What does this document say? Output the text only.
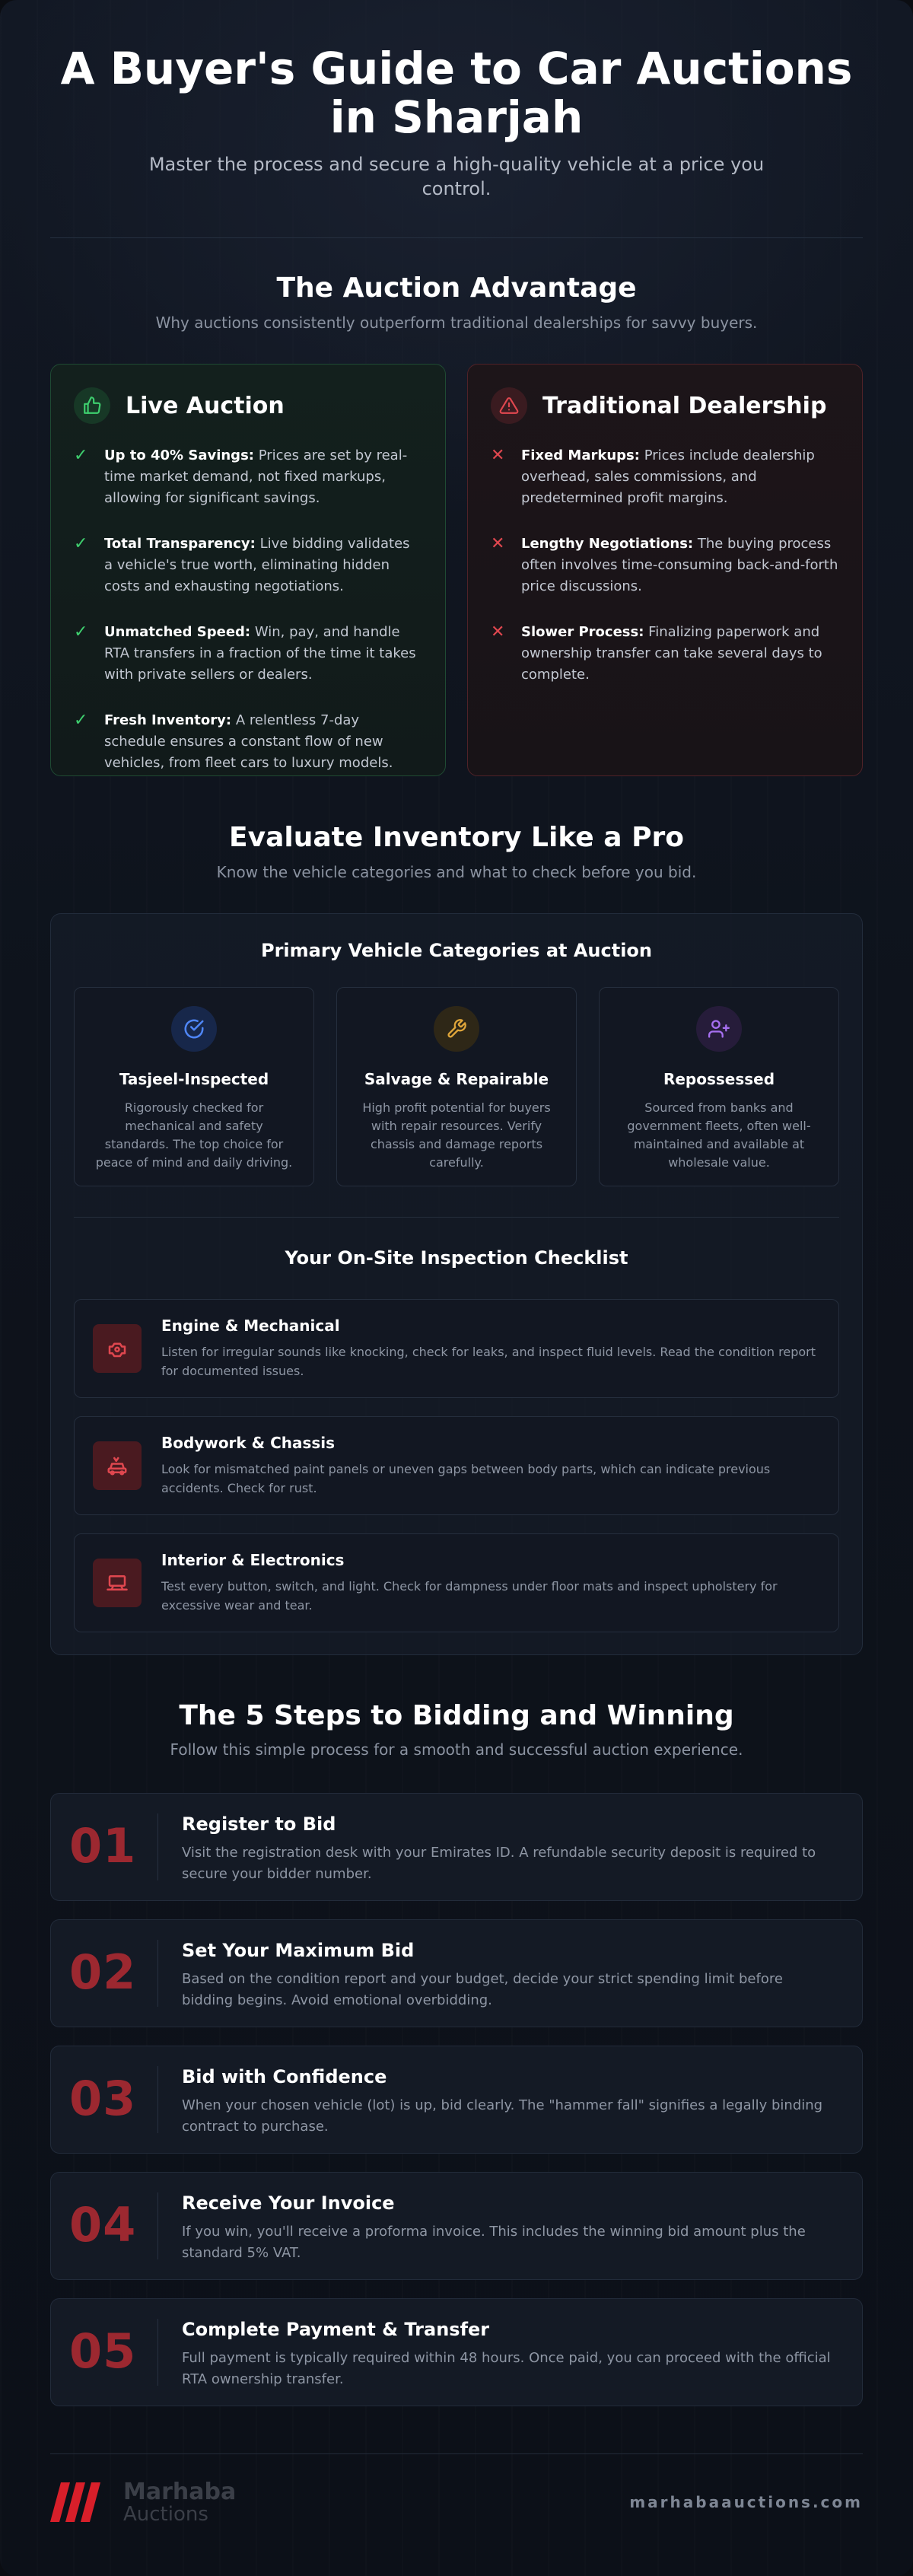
A Buyer's Guide to Car Auctions in Sharjah

Master the process and secure a high-quality vehicle at a price you control.

The Auction Advantage

Why auctions consistently outperform traditional dealerships for savvy buyers.

Live Auction
✓	Up to 40% Savings: Prices are set by real-time market demand, not fixed markups, allowing for significant savings.

✓	Total Transparency: Live bidding validates a vehicle's true worth, eliminating hidden costs and exhausting negotiations.

✓	Unmatched Speed: Win, pay, and handle RTA transfers in a fraction of the time it takes with private sellers or dealers.

✓	Fresh Inventory: A relentless 7-day schedule ensures a constant flow of new vehicles, from fleet cars to luxury models.

Traditional Dealership
✕	Fixed Markups: Prices include dealership overhead, sales commissions, and predetermined profit margins.

✕	Lengthy Negotiations: The buying process often involves time-consuming back-and-forth price discussions.

✕	Slower Process: Finalizing paperwork and ownership transfer can take several days to complete.

Evaluate Inventory Like a Pro

Know the vehicle categories and what to check before you bid.

Primary Vehicle Categories at Auction
Tasjeel-Inspected
Rigorously checked for mechanical and safety standards. The top choice for peace of mind and daily driving.
Salvage & Repairable
High profit potential for buyers with repair resources. Verify chassis and damage reports carefully.
Repossessed
Sourced from banks and government fleets, often well-maintained and available at wholesale value.
Your On-Site Inspection Checklist
Engine & Mechanical
Listen for irregular sounds like knocking, check for leaks, and inspect fluid levels. Read the condition report for documented issues.
Bodywork & Chassis
Look for mismatched paint panels or uneven gaps between body parts, which can indicate previous accidents. Check for rust.
Interior & Electronics
Test every button, switch, and light. Check for dampness under floor mats and inspect upholstery for excessive wear and tear.
The 5 Steps to Bidding and Winning

Follow this simple process for a smooth and successful auction experience.

01 Register to Bid
Visit the registration desk with your Emirates ID. A refundable security deposit is required to secure your bidder number.
02 Set Your Maximum Bid
Based on the condition report and your budget, decide your strict spending limit before bidding begins. Avoid emotional overbidding.
03 Bid with Confidence
When your chosen vehicle (lot) is up, bid clearly. The "hammer fall" signifies a legally binding contract to purchase.
04 Receive Your Invoice
If you win, you'll receive a proforma invoice. This includes the winning bid amount plus the standard 5% VAT.
05 Complete Payment & Transfer
Full payment is typically required within 48 hours. Once paid, you can proceed with the official RTA ownership transfer.
Marhaba
Auctions
marhabaauctions.com
